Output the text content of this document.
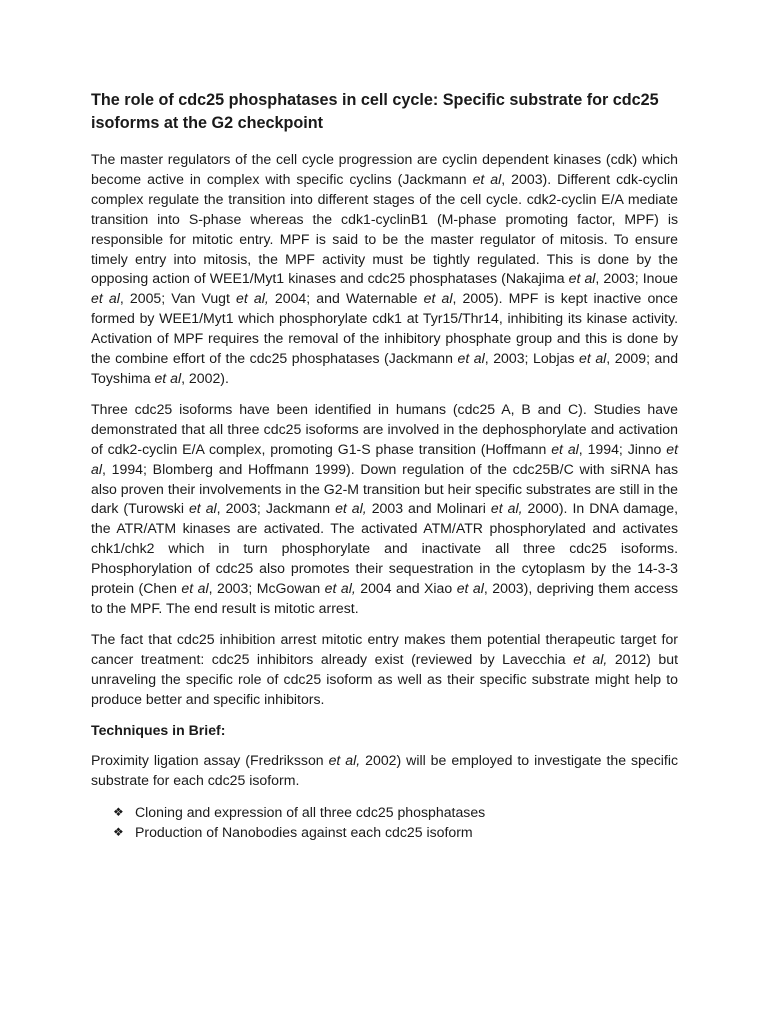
The role of cdc25 phosphatases in cell cycle: Specific substrate for cdc25 isoforms at the G2 checkpoint
The master regulators of the cell cycle progression are cyclin dependent kinases (cdk) which become active in complex with specific cyclins (Jackmann et al, 2003). Different cdk-cyclin complex regulate the transition into different stages of the cell cycle. cdk2-cyclin E/A mediate transition into S-phase whereas the cdk1-cyclinB1 (M-phase promoting factor, MPF) is responsible for mitotic entry. MPF is said to be the master regulator of mitosis. To ensure timely entry into mitosis, the MPF activity must be tightly regulated. This is done by the opposing action of WEE1/Myt1 kinases and cdc25 phosphatases (Nakajima et al, 2003; Inoue et al, 2005; Van Vugt et al, 2004; and Waternable et al, 2005). MPF is kept inactive once formed by WEE1/Myt1 which phosphorylate cdk1 at Tyr15/Thr14, inhibiting its kinase activity. Activation of MPF requires the removal of the inhibitory phosphate group and this is done by the combine effort of the cdc25 phosphatases (Jackmann et al, 2003; Lobjas et al, 2009; and Toyshima et al, 2002).
Three cdc25 isoforms have been identified in humans (cdc25 A, B and C). Studies have demonstrated that all three cdc25 isoforms are involved in the dephosphorylate and activation of cdk2-cyclin E/A complex, promoting G1-S phase transition (Hoffmann et al, 1994; Jinno et al, 1994; Blomberg and Hoffmann 1999). Down regulation of the cdc25B/C with siRNA has also proven their involvements in the G2-M transition but heir specific substrates are still in the dark (Turowski et al, 2003; Jackmann et al, 2003 and Molinari et al, 2000). In DNA damage, the ATR/ATM kinases are activated. The activated ATM/ATR phosphorylated and activates chk1/chk2 which in turn phosphorylate and inactivate all three cdc25 isoforms. Phosphorylation of cdc25 also promotes their sequestration in the cytoplasm by the 14-3-3 protein (Chen et al, 2003; McGowan et al, 2004 and Xiao et al, 2003), depriving them access to the MPF. The end result is mitotic arrest.
The fact that cdc25 inhibition arrest mitotic entry makes them potential therapeutic target for cancer treatment: cdc25 inhibitors already exist (reviewed by Lavecchia et al, 2012) but unraveling the specific role of cdc25 isoform as well as their specific substrate might help to produce better and specific inhibitors.
Techniques in Brief:
Proximity ligation assay (Fredriksson et al, 2002) will be employed to investigate the specific substrate for each cdc25 isoform.
❖ Cloning and expression of all three cdc25 phosphatases
❖ Production of Nanobodies against each cdc25 isoform
